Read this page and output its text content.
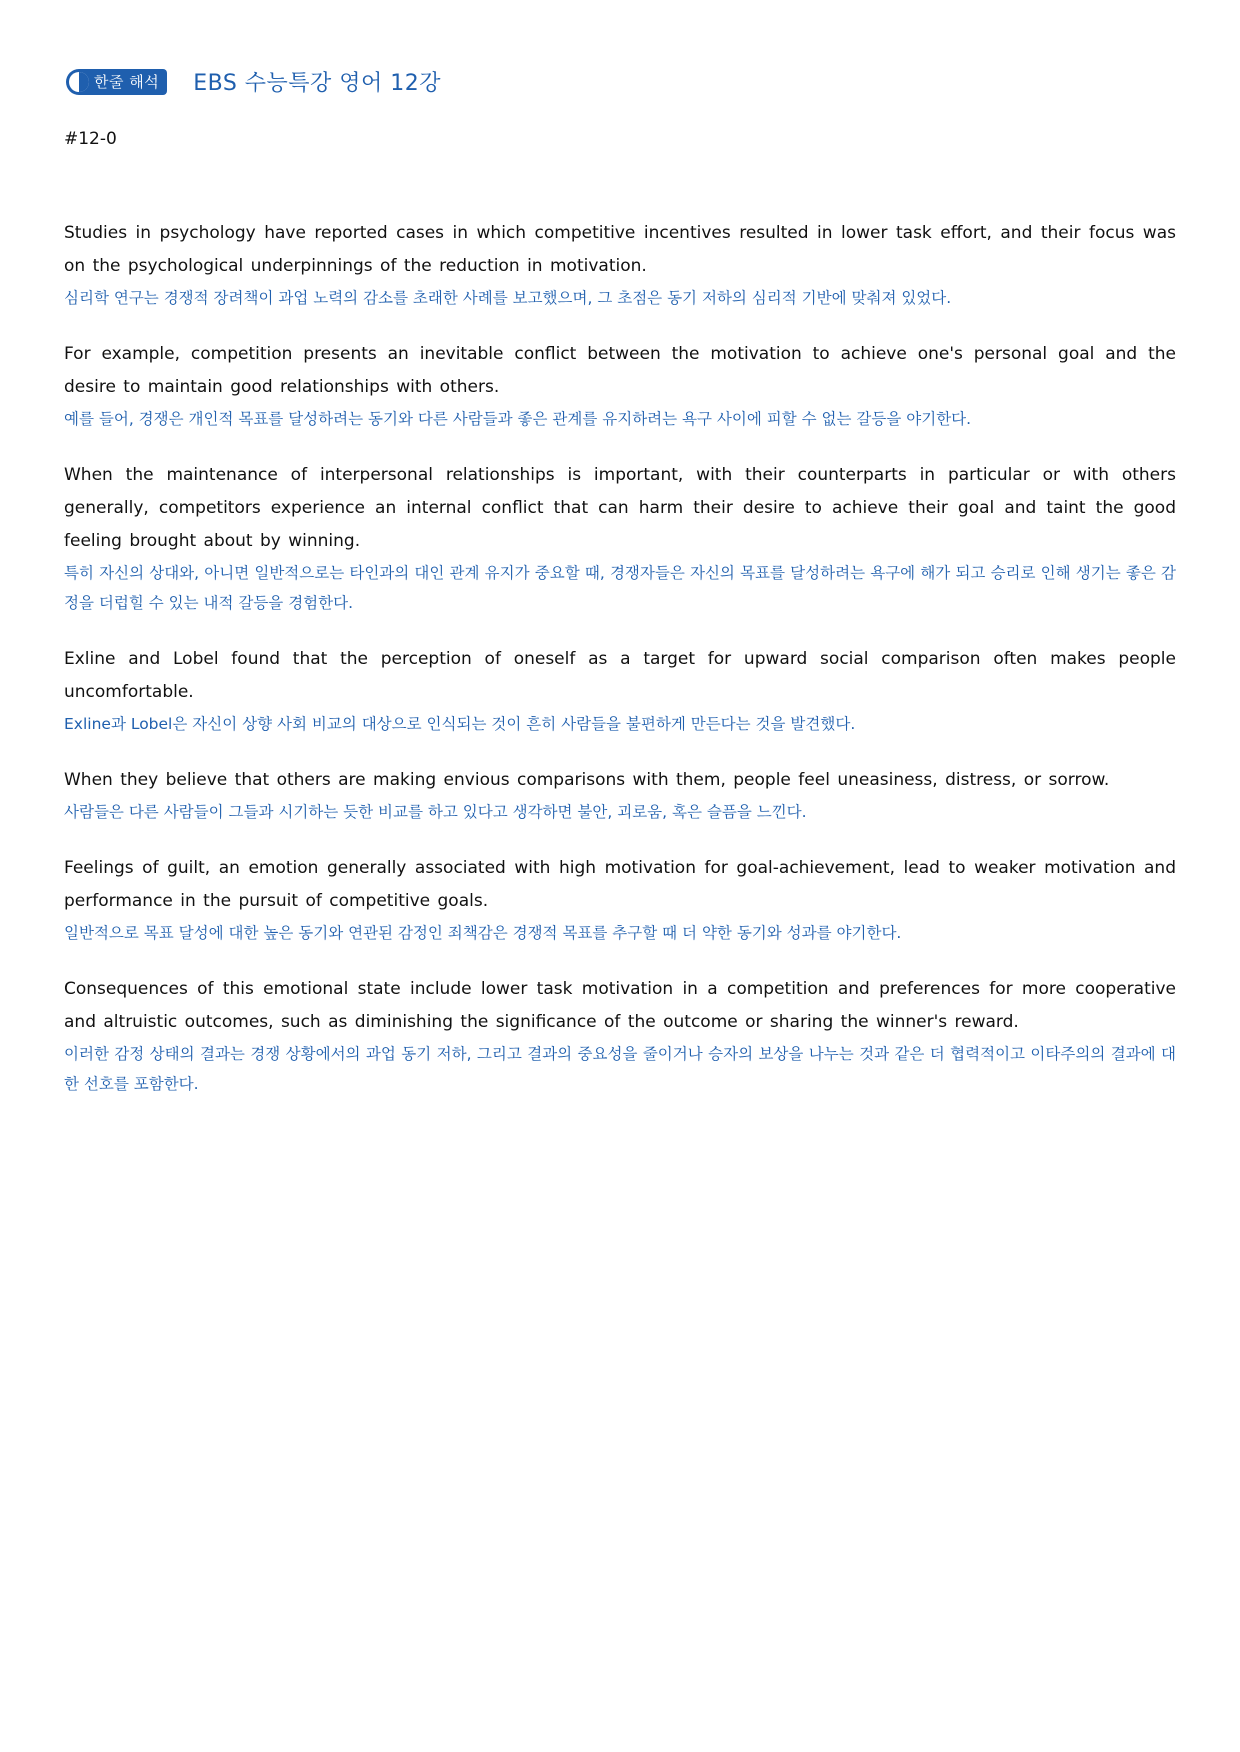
한줄 해석 EBS 수능특강 영어 12강
#12-0

Studies in psychology have reported cases in which competitive incentives resulted in lower task effort, and their focus was on the psychological underpinnings of the reduction in motivation.

심리학 연구는 경쟁적 장려책이 과업 노력의 감소를 초래한 사례를 보고했으며, 그 초점은 동기 저하의 심리적 기반에 맞춰져 있었다.

For example, competition presents an inevitable conflict between the motivation to achieve one's personal goal and the desire to maintain good relationships with others.

예를 들어, 경쟁은 개인적 목표를 달성하려는 동기와 다른 사람들과 좋은 관계를 유지하려는 욕구 사이에 피할 수 없는 갈등을 야기한다.

When the maintenance of interpersonal relationships is important, with their counterparts in particular or with others generally, competitors experience an internal conflict that can harm their desire to achieve their goal and taint the good feeling brought about by winning.

특히 자신의 상대와, 아니면 일반적으로는 타인과의 대인 관계 유지가 중요할 때, 경쟁자들은 자신의 목표를 달성하려는 욕구에 해가 되고 승리로 인해 생기는 좋은 감정을 더럽힐 수 있는 내적 갈등을 경험한다.

Exline and Lobel found that the perception of oneself as a target for upward social comparison often makes people uncomfortable.

Exline과 Lobel은 자신이 상향 사회 비교의 대상으로 인식되는 것이 흔히 사람들을 불편하게 만든다는 것을 발견했다.

When they believe that others are making envious comparisons with them, people feel uneasiness, distress, or sorrow.

사람들은 다른 사람들이 그들과 시기하는 듯한 비교를 하고 있다고 생각하면 불안, 괴로움, 혹은 슬픔을 느낀다.

Feelings of guilt, an emotion generally associated with high motivation for goal-achievement, lead to weaker motivation and performance in the pursuit of competitive goals.

일반적으로 목표 달성에 대한 높은 동기와 연관된 감정인 죄책감은 경쟁적 목표를 추구할 때 더 약한 동기와 성과를 야기한다.

Consequences of this emotional state include lower task motivation in a competition and preferences for more cooperative and altruistic outcomes, such as diminishing the significance of the outcome or sharing the winner's reward.

이러한 감정 상태의 결과는 경쟁 상황에서의 과업 동기 저하, 그리고 결과의 중요성을 줄이거나 승자의 보상을 나누는 것과 같은 더 협력적이고 이타주의의 결과에 대한 선호를 포함한다.
